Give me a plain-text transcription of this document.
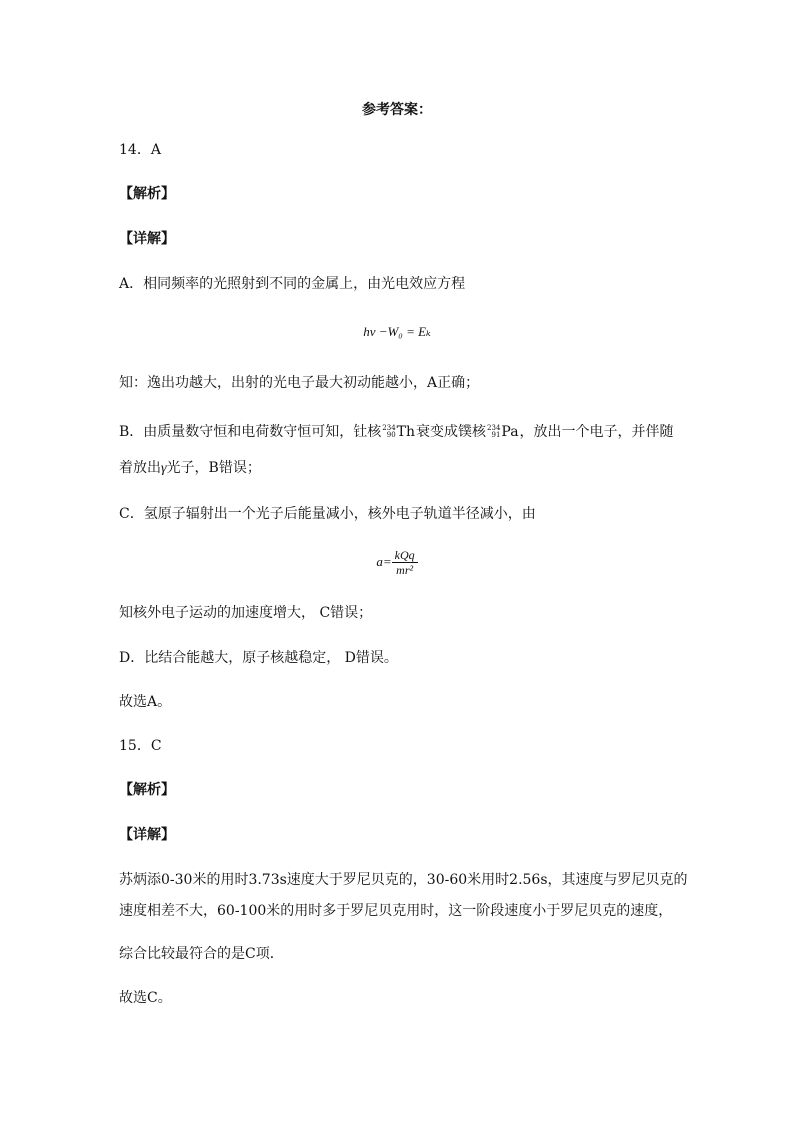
参考答案：
14．A
【解析】
【详解】
A．相同频率的光照射到不同的金属上，由光电效应方程
hν −W₀ = Eₖ
知：逸出功越大，出射的光电子最大初动能越小，A正确；
B．由质量数守恒和电荷数守恒可知，钍核 234
90 Th 衰变成镤核 234
91 Pa ，放出一个电子，并伴随
着放出γ光子，B错误；
C．氢原子辐射出一个光子后能量减小，核外电子轨道半径减小，由
$a= \frac{\text{kQq}}{\text{mr²}}$
知核外电子运动的加速度增大， C错误；
D．比结合能越大，原子核越稳定， D错误。
故选A。
15．C
【解析】
【详解】
苏炳添0-30米的用时3.73s速度大于罗尼贝克的，30-60米用时2.56s，其速度与罗尼贝克的
速度相差不大，60-100米的用时多于罗尼贝克用时，这一阶段速度小于罗尼贝克的速度，
综合比较最符合的是C项．
故选C。
